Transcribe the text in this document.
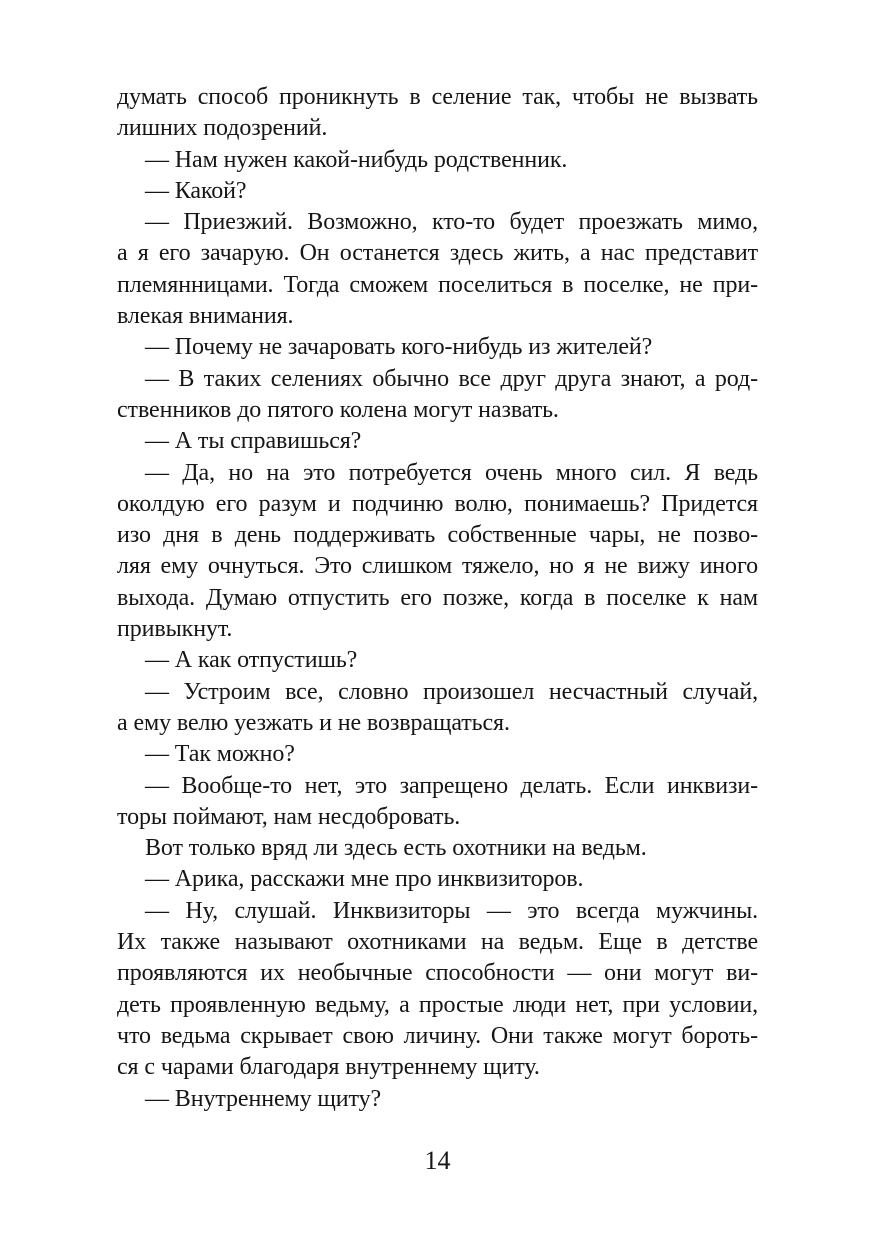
думать способ проникнуть в селение так, чтобы не вызвать
лишних подозрений.
— Нам нужен какой-нибудь родственник.
— Какой?
— Приезжий. Возможно, кто-то будет проезжать мимо,
а я его зачарую. Он останется здесь жить, а нас представит
племянницами. Тогда сможем поселиться в поселке, не при-
влекая внимания.
— Почему не зачаровать кого-нибудь из жителей?
— В таких селениях обычно все друг друга знают, а род-
ственников до пятого колена могут назвать.
— А ты справишься?
— Да, но на это потребуется очень много сил. Я ведь
околдую его разум и подчиню волю, понимаешь? Придется
изо дня в день поддерживать собственные чары, не позво-
ляя ему очнуться. Это слишком тяжело, но я не вижу иного
выхода. Думаю отпустить его позже, когда в поселке к нам
привыкнут.
— А как отпустишь?
— Устроим все, словно произошел несчастный случай,
а ему велю уезжать и не возвращаться.
— Так можно?
— Вообще-то нет, это запрещено делать. Если инквизи-
торы поймают, нам несдобровать.
Вот только вряд ли здесь есть охотники на ведьм.
— Арика, расскажи мне про инквизиторов.
— Ну, слушай. Инквизиторы — это всегда мужчины.
Их также называют охотниками на ведьм. Еще в детстве
проявляются их необычные способности — они могут ви-
деть проявленную ведьму, а простые люди нет, при условии,
что ведьма скрывает свою личину. Они также могут бороть-
ся с чарами благодаря внутреннему щиту.
— Внутреннему щиту?
14
